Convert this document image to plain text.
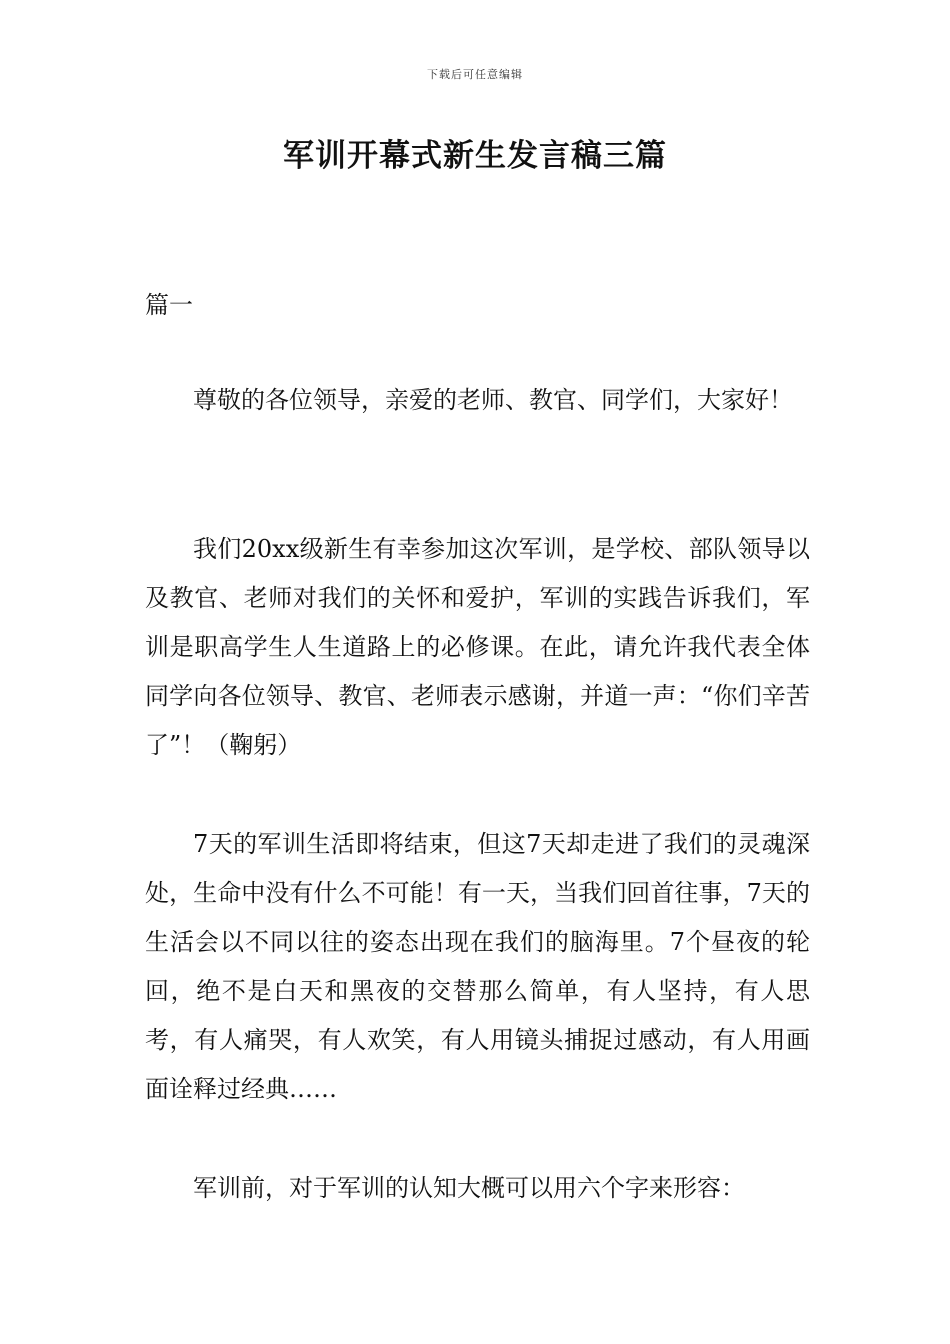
下载后可任意编辑
军训开幕式新生发言稿三篇

篇一

尊敬的各位领导，亲爱的老师、教官、同学们，大家好！

我们20xx级新生有幸参加这次军训，是学校、部队领导以及教官、老师对我们的关怀和爱护，军训的实践告诉我们，军训是职高学生人生道路上的必修课。在此，请允许我代表全体同学向各位领导、教官、老师表示感谢，并道一声：“你们辛苦了”！（鞠躬）

7天的军训生活即将结束，但这7天却走进了我们的灵魂深处，生命中没有什么不可能！有一天，当我们回首往事，7天的生活会以不同以往的姿态出现在我们的脑海里。7个昼夜的轮回，绝不是白天和黑夜的交替那么简单，有人坚持，有人思考，有人痛哭，有人欢笑，有人用镜头捕捉过感动，有人用画面诠释过经典……

军训前，对于军训的认知大概可以用六个字来形容：
